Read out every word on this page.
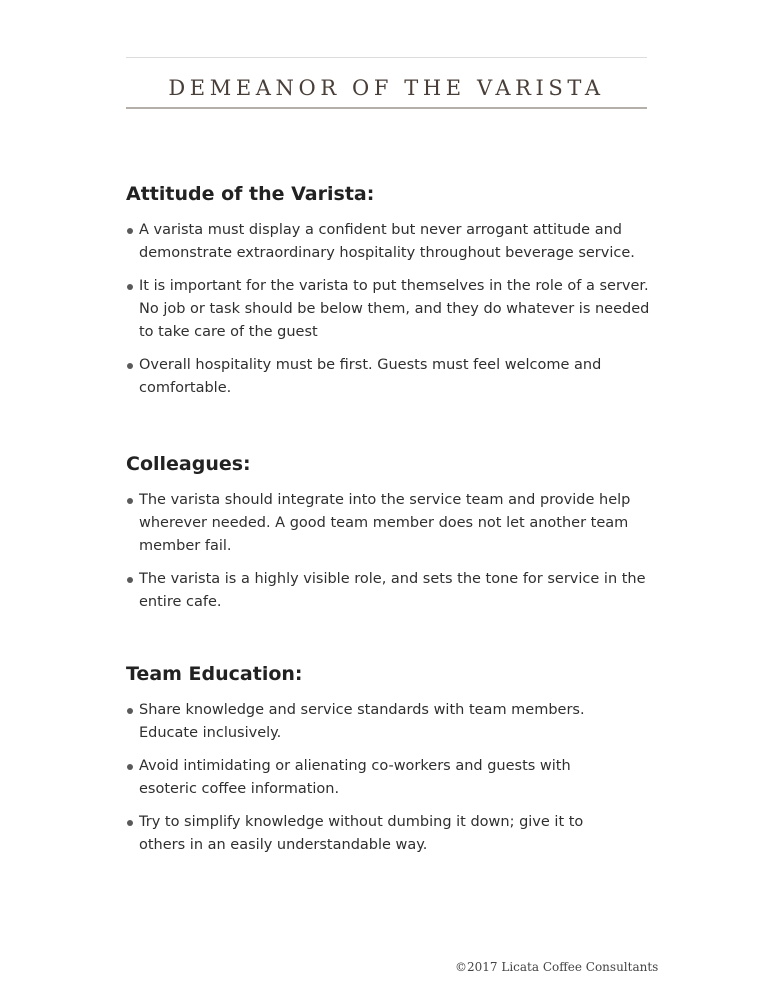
DEMEANOR OF THE VARISTA
Attitude of the Varista:
A varista must display a confident but never arrogant attitude and demonstrate extraordinary hospitality throughout beverage service.
It is important for the varista to put themselves in the role of a server. No job or task should be below them, and they do whatever is needed to take care of the guest
Overall hospitality must be first. Guests must feel welcome and comfortable.
Colleagues:
The varista should integrate into the service team and provide help wherever needed. A good team member does not let another team member fail.
The varista is a highly visible role, and sets the tone for service in the entire cafe.
Team Education:
Share knowledge and service standards with team members. Educate inclusively.
Avoid intimidating or alienating co-workers and guests with esoteric coffee information.
Try to simplify knowledge without dumbing it down; give it to others in an easily understandable way.
©2017 Licata Coffee Consultants
